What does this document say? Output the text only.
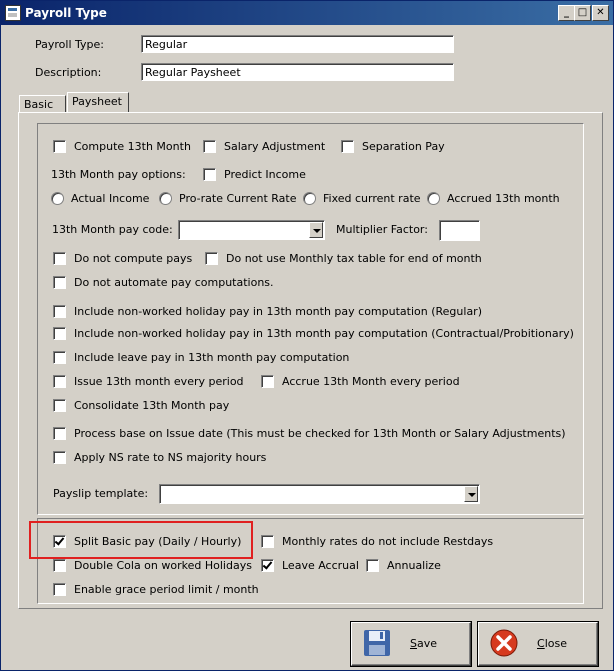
Payroll Type	_ □ ✕
Payroll Type:	Regular
Description:	Regular Paysheet
Basic	Paysheet
Compute 13th Month	Salary Adjustment	Separation Pay
13th Month pay options:	Predict Income
Actual Income	Pro-rate Current Rate Fixed current rate Accrued 13th month
13th Month pay code:	Multiplier Factor:
Do not compute pays	Do not use Monthly tax table for end of month
Do not automate pay computations.
Include non-worked holiday pay in 13th month pay computation (Regular)
Include non-worked holiday pay in 13th month pay computation (Contractual/Probitionary)
Include leave pay in 13th month pay computation
Issue 13th month every period	Accrue 13th Month every period
Consolidate 13th Month pay
Process base on Issue date (This must be checked for 13th Month or Salary Adjustments)
Apply NS rate to NS majority hours
Payslip template:
Split Basic pay (Daily / Hourly)	Monthly rates do not include Restdays
Double Cola on worked Holidays	Leave Accrual	Annualize
Enable grace period limit / month
Save	Close
